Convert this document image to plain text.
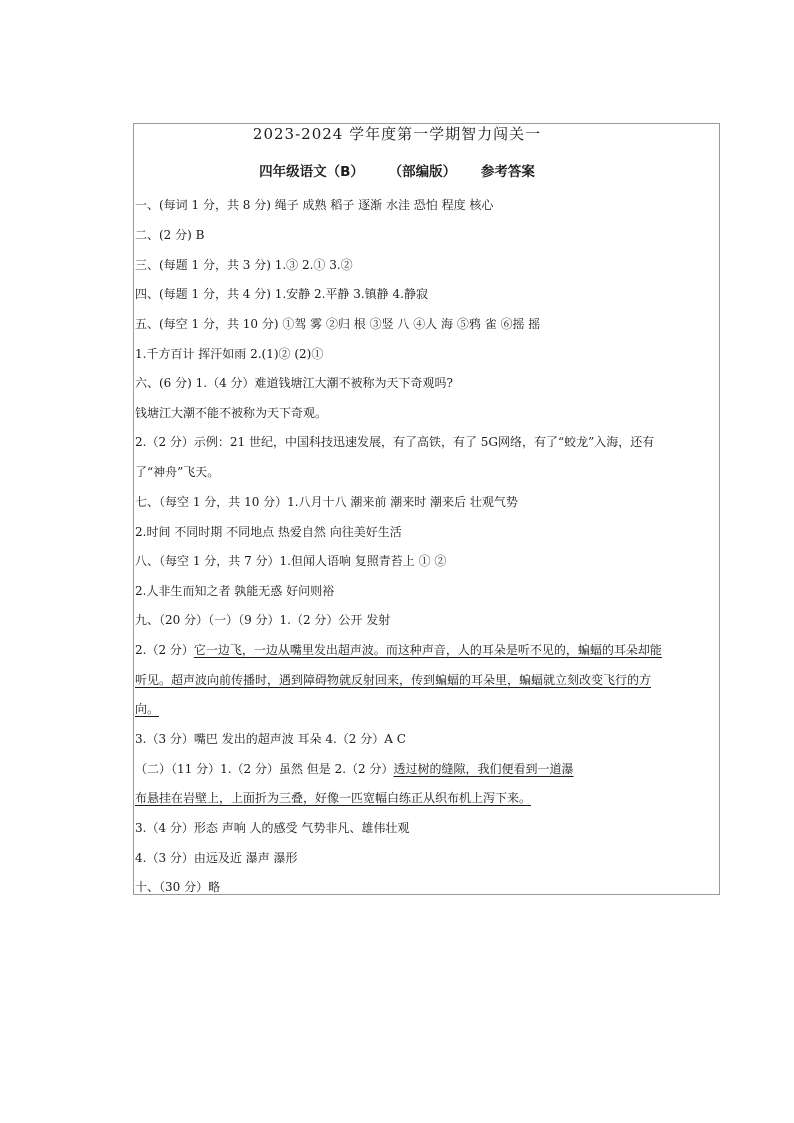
2023-2024 学年度第一学期智力闯关一
四年级语文（B） （部编版） 参考答案
一、(每词 1 分，共 8 分) 绳子 成熟 稻子 逐渐 水洼 恐怕 程度 核心
二、(2 分) B
三、(每题 1 分，共 3 分) 1.③ 2.① 3.②
四、(每题 1 分，共 4 分) 1.安静 2.平静 3.镇静 4.静寂
五、(每空 1 分，共 10 分) ①驾 雾 ②归 根 ③竖 八 ④人 海 ⑤鸦 雀 ⑥摇 摇
1.千方百计 挥汗如雨 2.(1)② (2)①
六、(6 分) 1.（4 分）难道钱塘江大潮不被称为天下奇观吗?
钱塘江大潮不能不被称为天下奇观。
2.（2 分）示例：21 世纪，中国科技迅速发展，有了高铁，有了 5G网络，有了“蛟龙”入海，还有
了“神舟”飞天。
七、（每空 1 分，共 10 分）1.八月十八 潮来前 潮来时 潮来后 壮观气势
2.时间 不同时期 不同地点 热爱自然 向往美好生活
八、（每空 1 分，共 7 分）1.但闻人语响 复照青苔上 ① ②
2.人非生而知之者 孰能无惑 好问则裕
九、（20 分）（一）（9 分）1.（2 分）公开 发射
2.（2 分）它一边飞，一边从嘴里发出超声波。而这种声音，人的耳朵是听不见的，蝙蝠的耳朵却能
听见。超声波向前传播时，遇到障碍物就反射回来，传到蝙蝠的耳朵里，蝙蝠就立刻改变飞行的方
向。
3.（3 分）嘴巴 发出的超声波 耳朵 4.（2 分）A C
（二）（11 分）1.（2 分）虽然 但是 2.（2 分）透过树的缝隙，我们便看到一道瀑
布悬挂在岩壁上，上面折为三叠，好像一匹宽幅白练正从织布机上泻下来。
3.（4 分）形态 声响 人的感受 气势非凡、雄伟壮观
4.（3 分）由远及近 瀑声 瀑形
十、（30 分）略
